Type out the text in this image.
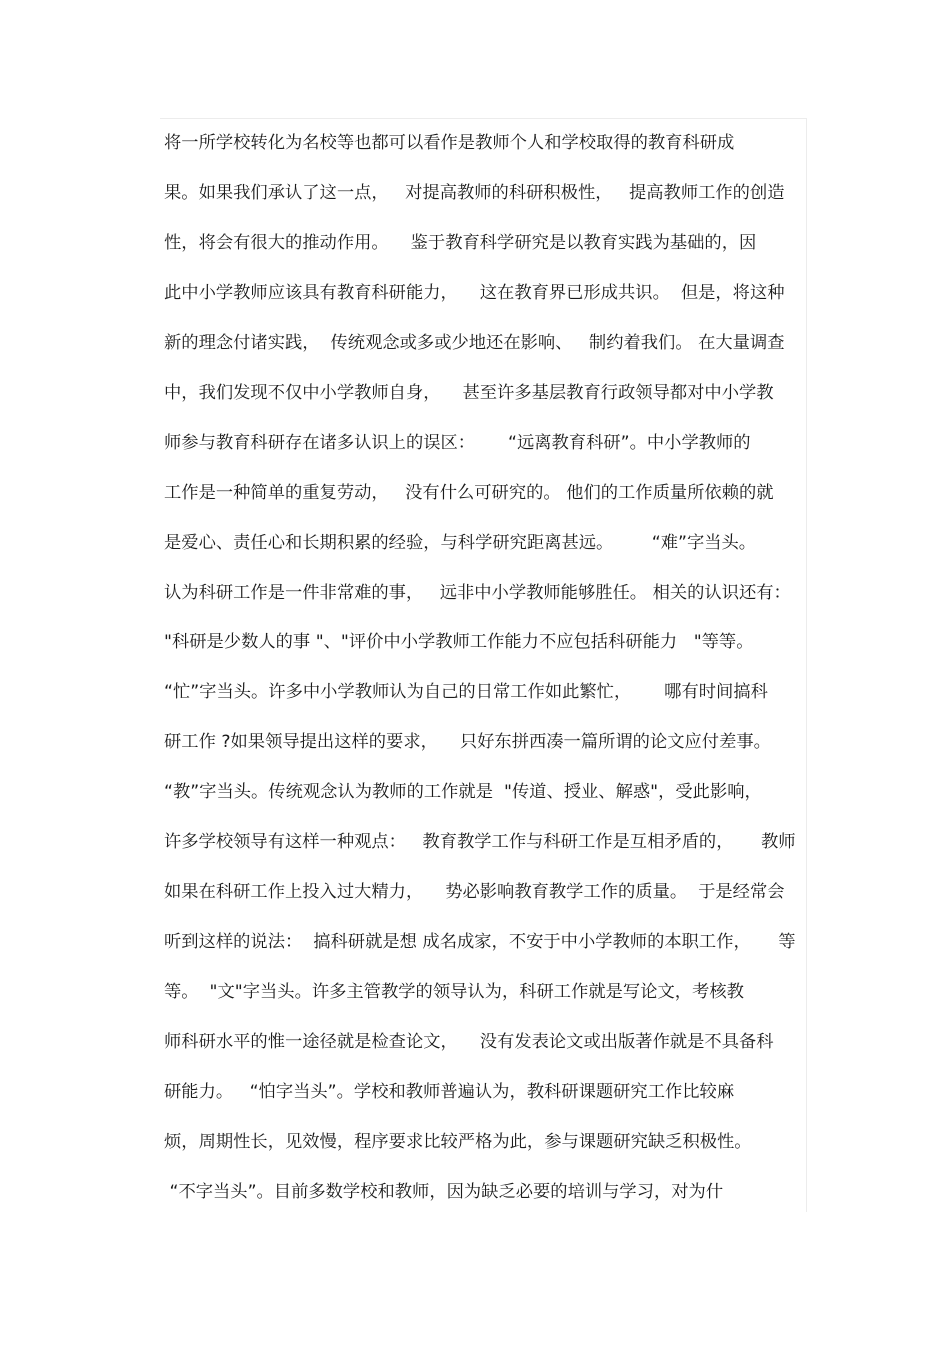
将一所学校转化为名校等也都可以看作是教师个人和学校取得的教育科研成
果。如果我们承认了这一点，   对提高教师的科研积极性，   提高教师工作的创造
性，将会有很大的推动作用。    鉴于教育科学研究是以教育实践为基础的，因
此中小学教师应该具有教育科研能力，    这在教育界已形成共识。  但是，将这种
新的理念付诸实践，  传统观念或多或少地还在影响、   制约着我们。 在大量调查
中，我们发现不仅中小学教师自身，    甚至许多基层教育行政领导都对中小学教
师参与教育科研存在诸多认识上的误区：      “远离教育科研”。中小学教师的
工作是一种简单的重复劳动，   没有什么可研究的。 他们的工作质量所依赖的就
是爱心、责任心和长期积累的经验，与科学研究距离甚远。       “难”字当头。
认为科研工作是一件非常难的事，   远非中小学教师能够胜任。 相关的认识还有：
"科研是少数人的事 "、"评价中小学教师工作能力不应包括科研能力   "等等。
“忙”字当头。许多中小学教师认为自己的日常工作如此繁忙，      哪有时间搞科
研工作 ?如果领导提出这样的要求，    只好东拼西凑一篇所谓的论文应付差事。
“教”字当头。传统观念认为教师的工作就是  "传道、授业、解惑"，受此影响，
许多学校领导有这样一种观点：   教育教学工作与科研工作是互相矛盾的，     教师
如果在科研工作上投入过大精力，    势必影响教育教学工作的质量。  于是经常会
听到这样的说法：  搞科研就是想 成名成家，不安于中小学教师的本职工作，     等
等。  "文"字当头。许多主管教学的领导认为，科研工作就是写论文，考核教
师科研水平的惟一途径就是检查论文，    没有发表论文或出版著作就是不具备科
研能力。   “怕字当头”。学校和教师普遍认为，教科研课题研究工作比较麻
烦，周期性长，见效慢，程序要求比较严格为此，参与课题研究缺乏积极性。
“不字当头”。目前多数学校和教师，因为缺乏必要的培训与学习，对为什
